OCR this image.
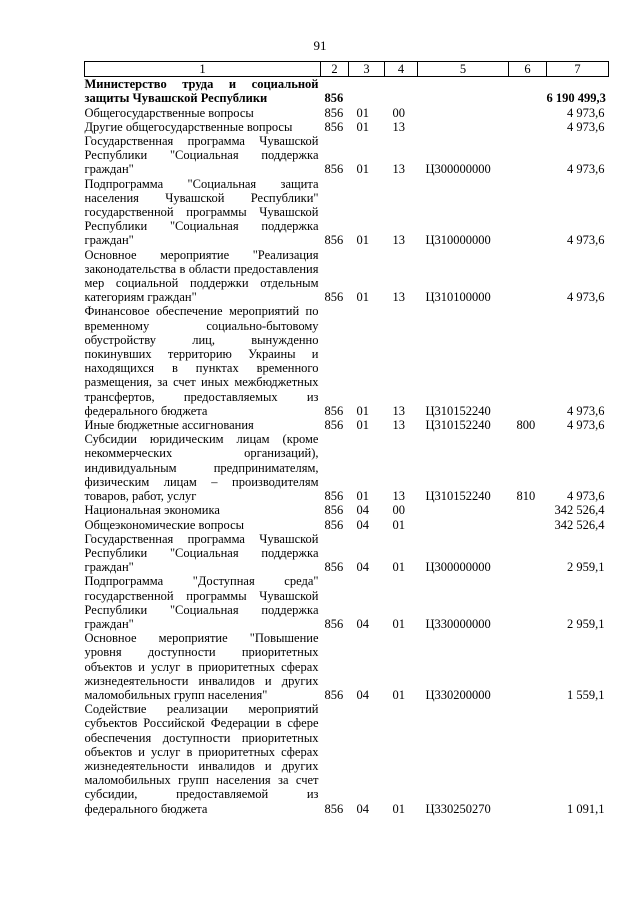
91
1	2	3	4	5	6	7
Министерство труда и социальной защиты Чувашской Республики	856					6 190 499,3
Общегосударственные вопросы	856	01	00			4 973,6
Другие общегосударственные вопросы	856	01	13			4 973,6
Государственная программа Чувашской Республики "Социальная поддержка граждан"	856	01	13	Ц300000000		4 973,6
Подпрограмма "Социальная защита населения Чувашской Республики" государственной программы Чувашской Республики "Социальная поддержка граждан"	856	01	13	Ц310000000		4 973,6
Основное мероприятие "Реализация законодательства в области предоставления мер социальной поддержки отдельным категориям граждан"	856	01	13	Ц310100000		4 973,6
Финансовое обеспечение мероприятий по временному социально-бытовому обустройству лиц, вынужденно покинувших территорию Украины и находящихся в пунктах временного размещения, за счет иных межбюджетных трансфертов, предоставляемых из федерального бюджета	856	01	13	Ц310152240		4 973,6
Иные бюджетные ассигнования	856	01	13	Ц310152240	800	4 973,6
Субсидии юридическим лицам (кроме некоммерческих организаций), индивидуальным предпринимателям, физическим лицам – производителям товаров, работ, услуг	856	01	13	Ц310152240	810	4 973,6
Национальная экономика	856	04	00			342 526,4
Общеэкономические вопросы	856	04	01			342 526,4
Государственная программа Чувашской Республики "Социальная поддержка граждан"	856	04	01	Ц300000000		2 959,1
Подпрограмма "Доступная среда" государственной программы Чувашской Республики "Социальная поддержка граждан"	856	04	01	Ц330000000		2 959,1
Основное мероприятие "Повышение уровня доступности приоритетных объектов и услуг в приоритетных сферах жизнедеятельности инвалидов и других маломобильных групп населения"	856	04	01	Ц330200000		1 559,1
Содействие реализации мероприятий субъектов Российской Федерации в сфере обеспечения доступности приоритетных объектов и услуг в приоритетных сферах жизнедеятельности инвалидов и других маломобильных групп населения за счет субсидии, предоставляемой из федерального бюджета	856	04	01	Ц330250270		1 091,1
